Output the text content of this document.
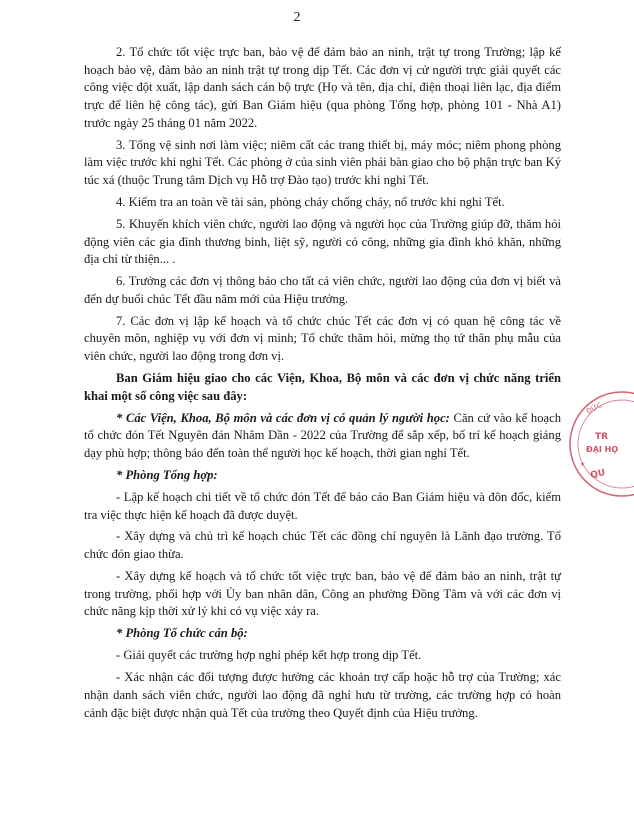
2

2. Tổ chức tốt việc trực ban, bảo vệ để đảm bảo an ninh, trật tự trong Trường; lập kế hoạch bảo vệ, đảm bảo an ninh trật tự trong dịp Tết. Các đơn vị cử người trực giải quyết các công việc đột xuất, lập danh sách cán bộ trực (Họ và tên, địa chỉ, điện thoại liên lạc, địa điểm trực để liên hệ công tác), gửi Ban Giám hiệu (qua phòng Tổng hợp, phòng 101 - Nhà A1) trước ngày 25 tháng 01 năm 2022.

3. Tổng vệ sinh nơi làm việc; niêm cất các trang thiết bị, máy móc; niêm phong phòng làm việc trước khi nghỉ Tết. Các phòng ở của sinh viên phải bàn giao cho bộ phận trực ban Ký túc xá (thuộc Trung tâm Dịch vụ Hỗ trợ Đào tạo) trước khi nghỉ Tết.

4. Kiểm tra an toàn về tài sản, phòng cháy chống cháy, nổ trước khi nghỉ Tết.

5. Khuyến khích viên chức, người lao động và người học của Trường giúp đỡ, thăm hỏi động viên các gia đình thương binh, liệt sỹ, người có công, những gia đình khó khăn, những địa chỉ từ thiện... .

6. Trưởng các đơn vị thông báo cho tất cả viên chức, người lao động của đơn vị biết và đến dự buổi chúc Tết đầu năm mới của Hiệu trưởng.

7. Các đơn vị lập kế hoạch và tổ chức chúc Tết các đơn vị có quan hệ công tác về chuyên môn, nghiệp vụ với đơn vị mình; Tổ chức thăm hỏi, mừng thọ tứ thân phụ mẫu của viên chức, người lao động trong đơn vị.

Ban Giám hiệu giao cho các Viện, Khoa, Bộ môn và các đơn vị chức năng triển khai một số công việc sau đây:

* Các Viện, Khoa, Bộ môn và các đơn vị có quản lý người học: Căn cứ vào kế hoạch tổ chức đón Tết Nguyên đán Nhâm Dần - 2022 của Trường để sắp xếp, bố trí kế hoạch giảng dạy phù hợp; thông báo đến toàn thể người học kế hoạch, thời gian nghỉ Tết.

* Phòng Tổng hợp:

- Lập kế hoạch chi tiết về tổ chức đón Tết để báo cáo Ban Giám hiệu và đôn đốc, kiểm tra việc thực hiện kế hoạch đã được duyệt.

- Xây dựng và chủ trì kế hoạch chúc Tết các đồng chí nguyên là Lãnh đạo trường. Tổ chức đón giao thừa.

- Xây dựng kế hoạch và tổ chức tốt việc trực ban, bảo vệ để đảm bảo an ninh, trật tự trong trường, phối hợp với Ủy ban nhân dân, Công an phường Đồng Tâm và với các đơn vị chức năng kịp thời xử lý khi có vụ việc xảy ra.

* Phòng Tổ chức cán bộ:

- Giải quyết các trường hợp nghỉ phép kết hợp trong dịp Tết.

- Xác nhận các đối tượng được hưởng các khoản trợ cấp hoặc hỗ trợ của Trường; xác nhận danh sách viên chức, người lao động đã nghỉ hưu từ trường, các trường hợp có hoàn cảnh đặc biệt được nhận quà Tết của trường theo Quyết định của Hiệu trưởng.

ĐỨC
TR
ĐẠI HỌ
QU
★
